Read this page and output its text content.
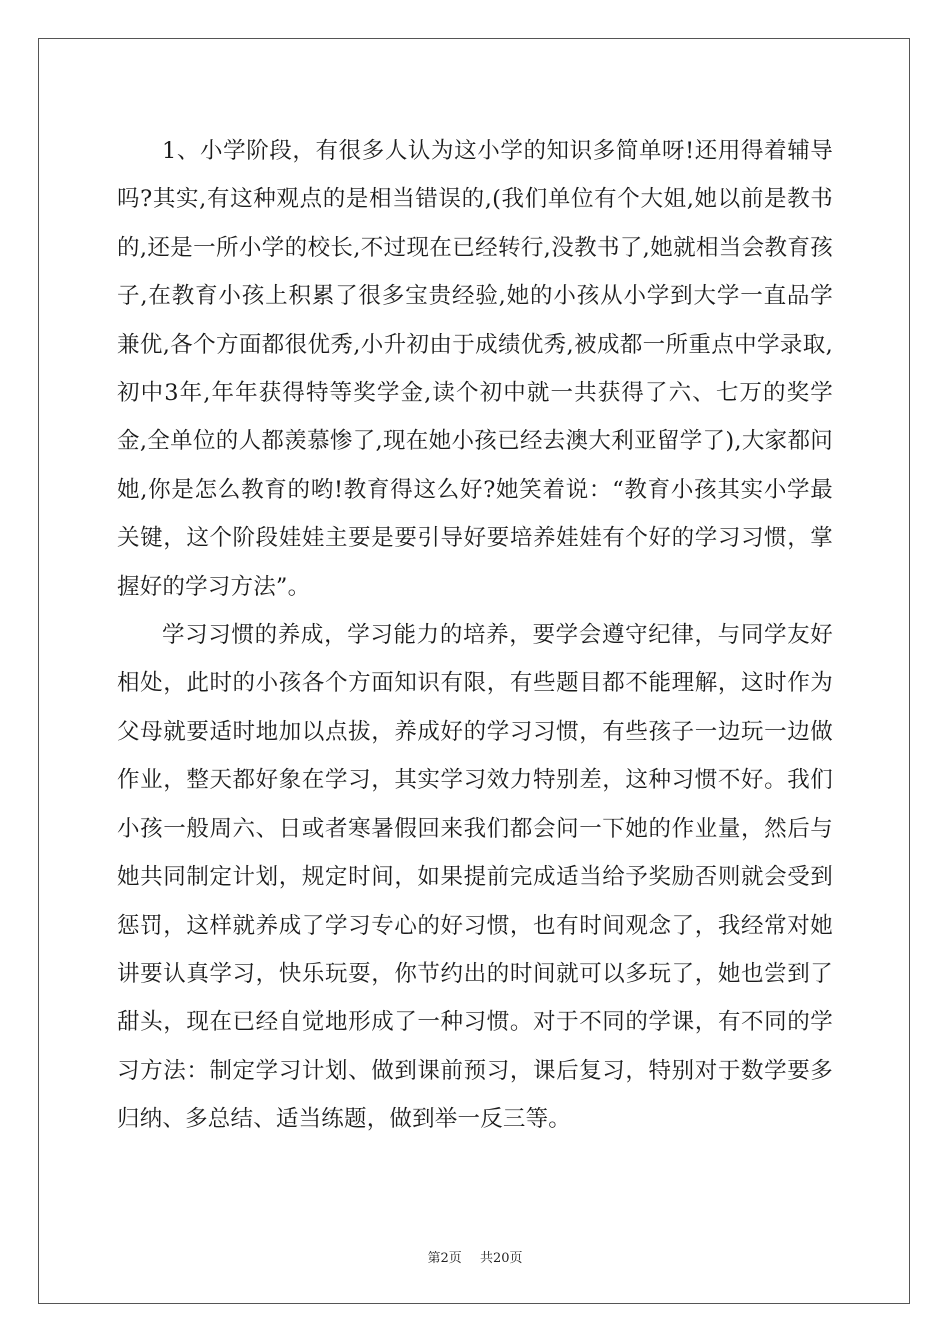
1、小学阶段，有很多人认为这小学的知识多简单呀!还用得着辅导吗?其实,有这种观点的是相当错误的,(我们单位有个大姐,她以前是教书的,还是一所小学的校长,不过现在已经转行,没教书了,她就相当会教育孩子,在教育小孩上积累了很多宝贵经验,她的小孩从小学到大学一直品学兼优,各个方面都很优秀,小升初由于成绩优秀,被成都一所重点中学录取,初中3年,年年获得特等奖学金,读个初中就一共获得了六、七万的奖学金,全单位的人都羡慕惨了,现在她小孩已经去澳大利亚留学了),大家都问她,你是怎么教育的哟!教育得这么好?她笑着说：“教育小孩其实小学最关键，这个阶段娃娃主要是要引导好要培养娃娃有个好的学习习惯，掌握好的学习方法”。

学习习惯的养成，学习能力的培养，要学会遵守纪律，与同学友好相处，此时的小孩各个方面知识有限，有些题目都不能理解，这时作为父母就要适时地加以点拔，养成好的学习习惯，有些孩子一边玩一边做作业，整天都好象在学习，其实学习效力特别差，这种习惯不好。我们小孩一般周六、日或者寒暑假回来我们都会问一下她的作业量，然后与她共同制定计划，规定时间，如果提前完成适当给予奖励否则就会受到惩罚，这样就养成了学习专心的好习惯，也有时间观念了，我经常对她讲要认真学习，快乐玩耍，你节约出的时间就可以多玩了，她也尝到了甜头，现在已经自觉地形成了一种习惯。对于不同的学课，有不同的学习方法：制定学习计划、做到课前预习，课后复习，特别对于数学要多归纳、多总结、适当练题，做到举一反三等。

第2页 共20页
